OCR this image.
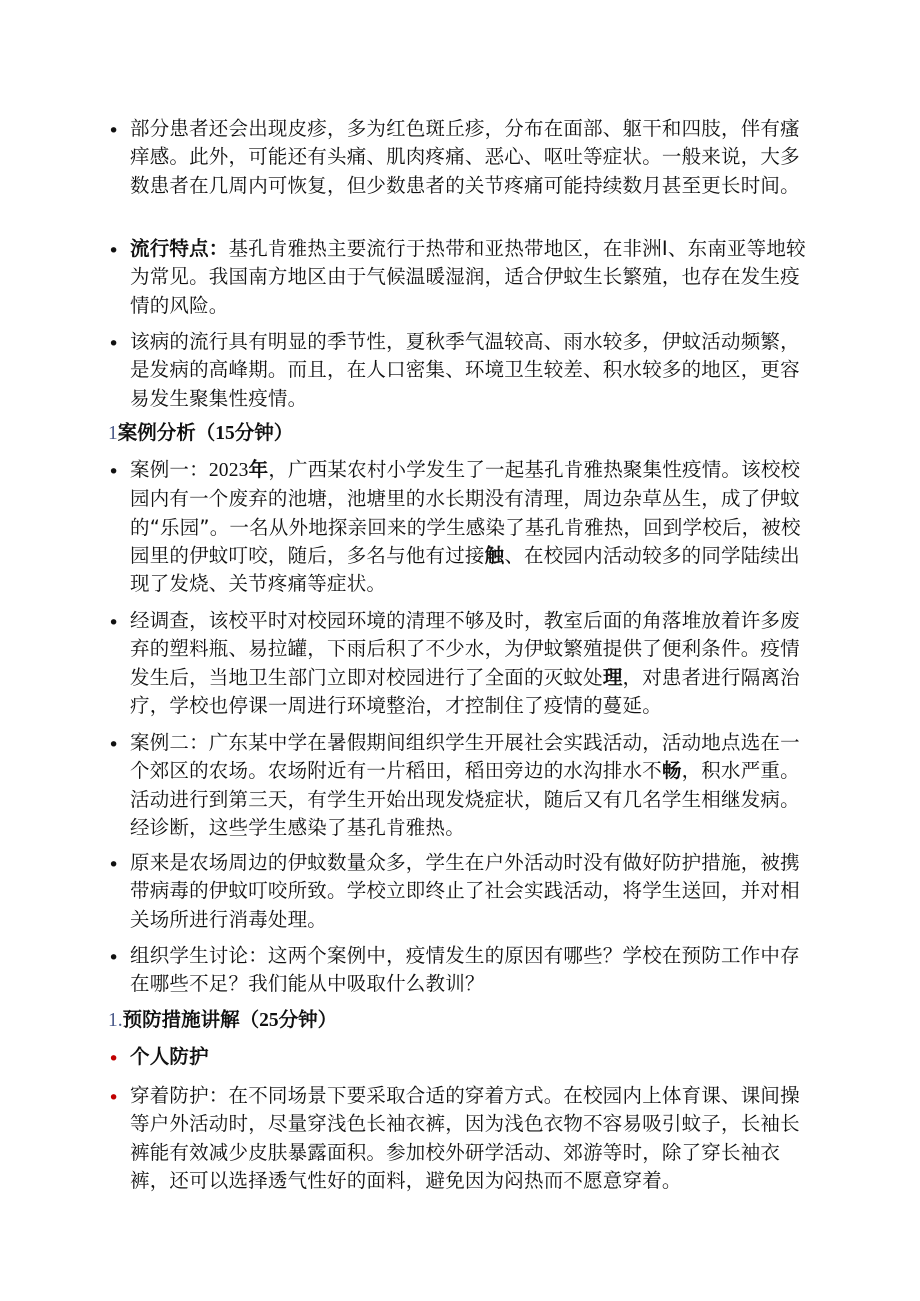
•
部分患者还会出现皮疹，多为红色斑丘疹，分布在面部、躯干和四肢，伴有瘙痒感。此外，可能还有头痛、肌肉疼痛、恶心、呕吐等症状。一般来说，大多数患者在几周内可恢复，但少数患者的关节疼痛可能持续数月甚至更长时间。
•
流行特点：基孔肯雅热主要流行于热带和亚热带地区，在非洲Ⅰ、东南亚等地较为常见。我国南方地区由于气候温暖湿润，适合伊蚊生长繁殖，也存在发生疫情的风险。
•
该病的流行具有明显的季节性，夏秋季气温较高、雨水较多，伊蚊活动频繁，是发病的高峰期。而且，在人口密集、环境卫生较差、积水较多的地区，更容易发生聚集性疫情。
1案例分析（15分钟）
•
案例一：2023年，广西某农村小学发生了一起基孔肯雅热聚集性疫情。该校校园内有一个废弃的池塘，池塘里的水长期没有清理，周边杂草丛生，成了伊蚊的“乐园”。一名从外地探亲回来的学生感染了基孔肯雅热，回到学校后，被校园里的伊蚊叮咬，随后，多名与他有过接触、在校园内活动较多的同学陆续出现了发烧、关节疼痛等症状。
•
经调查，该校平时对校园环境的清理不够及时，教室后面的角落堆放着许多废弃的塑料瓶、易拉罐，下雨后积了不少水，为伊蚊繁殖提供了便利条件。疫情发生后，当地卫生部门立即对校园进行了全面的灭蚊处理，对患者进行隔离治疗，学校也停课一周进行环境整治，才控制住了疫情的蔓延。
•
案例二：广东某中学在暑假期间组织学生开展社会实践活动，活动地点选在一个郊区的农场。农场附近有一片稻田，稻田旁边的水沟排水不畅，积水严重。活动进行到第三天，有学生开始出现发烧症状，随后又有几名学生相继发病。经诊断，这些学生感染了基孔肯雅热。
•
原来是农场周边的伊蚊数量众多，学生在户外活动时没有做好防护措施，被携带病毒的伊蚊叮咬所致。学校立即终止了社会实践活动，将学生送回，并对相关场所进行消毒处理。
•
组织学生讨论：这两个案例中，疫情发生的原因有哪些？学校在预防工作中存在哪些不足？我们能从中吸取什么教训？
1.预防措施讲解（25分钟）
•
个人防护
•
穿着防护：在不同场景下要采取合适的穿着方式。在校园内上体育课、课间操等户外活动时，尽量穿浅色长袖衣裤，因为浅色衣物不容易吸引蚊子，长袖长裤能有效减少皮肤暴露面积。参加校外研学活动、郊游等时，除了穿长袖衣裤，还可以选择透气性好的面料，避免因为闷热而不愿意穿着。
